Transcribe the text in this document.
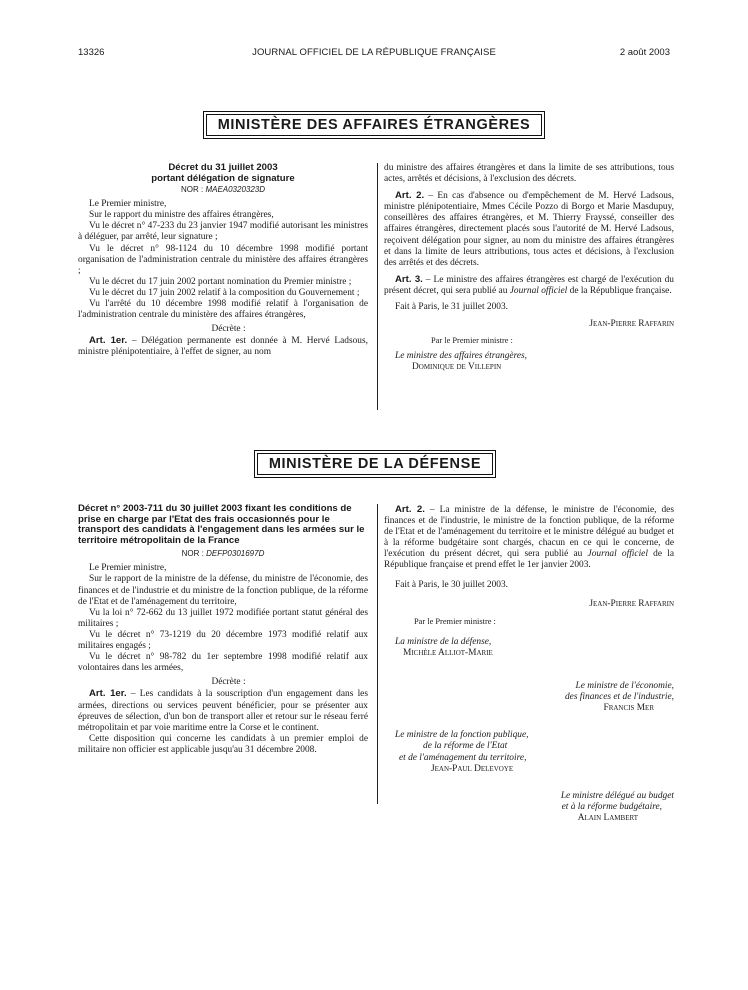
13326	JOURNAL OFFICIEL DE LA RÉPUBLIQUE FRANÇAISE	2 août 2003
MINISTÈRE DES AFFAIRES ÉTRANGÈRES
Décret du 31 juillet 2003
portant délégation de signature
NOR : MAEA0320323D

Le Premier ministre,

Sur le rapport du ministre des affaires étrangères,

Vu le décret n° 47-233 du 23 janvier 1947 modifié autorisant les ministres à déléguer, par arrêté, leur signature ;

Vu le décret n° 98-1124 du 10 décembre 1998 modifié portant organisation de l'administration centrale du ministère des affaires étrangères ;

Vu le décret du 17 juin 2002 portant nomination du Premier ministre ;

Vu le décret du 17 juin 2002 relatif à la composition du Gouvernement ;

Vu l'arrêté du 10 décembre 1998 modifié relatif à l'organisation de l'administration centrale du ministère des affaires étrangères,

Décrète :

Art. 1er. – Délégation permanente est donnée à M. Hervé Ladsous, ministre plénipotentiaire, à l'effet de signer, au nom

du ministre des affaires étrangères et dans la limite de ses attributions, tous actes, arrêtés et décisions, à l'exclusion des décrets.

Art. 2. – En cas d'absence ou d'empêchement de M. Hervé Ladsous, ministre plénipotentiaire, Mmes Cécile Pozzo di Borgo et Marie Masdupuy, conseillères des affaires étrangères, et M. Thierry Frayssé, conseiller des affaires étrangères, directement placés sous l'autorité de M. Hervé Ladsous, reçoivent délégation pour signer, au nom du ministre des affaires étrangères et dans la limite de leurs attributions, tous actes et décisions, à l'exclusion des arrêtés et des décrets.

Art. 3. – Le ministre des affaires étrangères est chargé de l'exécution du présent décret, qui sera publié au Journal officiel de la République française.

Fait à Paris, le 31 juillet 2003.

Jean-Pierre Raffarin

Par le Premier ministre :

Le ministre des affaires étrangères,

Dominique de Villepin

MINISTÈRE DE LA DÉFENSE
Décret n° 2003-711 du 30 juillet 2003 fixant les conditions de prise en charge par l'Etat des frais occasionnés pour le transport des candidats à l'engagement dans les armées sur le territoire métropolitain de la France
NOR : DEFP0301697D

Le Premier ministre,

Sur le rapport de la ministre de la défense, du ministre de l'économie, des finances et de l'industrie et du ministre de la fonction publique, de la réforme de l'Etat et de l'aménagement du territoire,

Vu la loi n° 72-662 du 13 juillet 1972 modifiée portant statut général des militaires ;

Vu le décret n° 73-1219 du 20 décembre 1973 modifié relatif aux militaires engagés ;

Vu le décret n° 98-782 du 1er septembre 1998 modifié relatif aux volontaires dans les armées,

Décrète :

Art. 1er. – Les candidats à la souscription d'un engagement dans les armées, directions ou services peuvent bénéficier, pour se présenter aux épreuves de sélection, d'un bon de transport aller et retour sur le réseau ferré métropolitain et par voie maritime entre la Corse et le continent.

Cette disposition qui concerne les candidats à un premier emploi de militaire non officier est applicable jusqu'au 31 décembre 2008.

Art. 2. – La ministre de la défense, le ministre de l'économie, des finances et de l'industrie, le ministre de la fonction publique, de la réforme de l'Etat et de l'aménagement du territoire et le ministre délégué au budget et à la réforme budgétaire sont chargés, chacun en ce qui le concerne, de l'exécution du présent décret, qui sera publié au Journal officiel de la République française et prend effet le 1er janvier 2003.

Fait à Paris, le 30 juillet 2003.

Jean-Pierre Raffarin

Par le Premier ministre :

La ministre de la défense,

Michèle Alliot-Marie

Le ministre de l'économie,

des finances et de l'industrie,

Francis Mer

Le ministre de la fonction publique,

de la réforme de l'Etat

et de l'aménagement du territoire,

Jean-Paul Delevoye

Le ministre délégué au budget

et à la réforme budgétaire,

Alain Lambert
